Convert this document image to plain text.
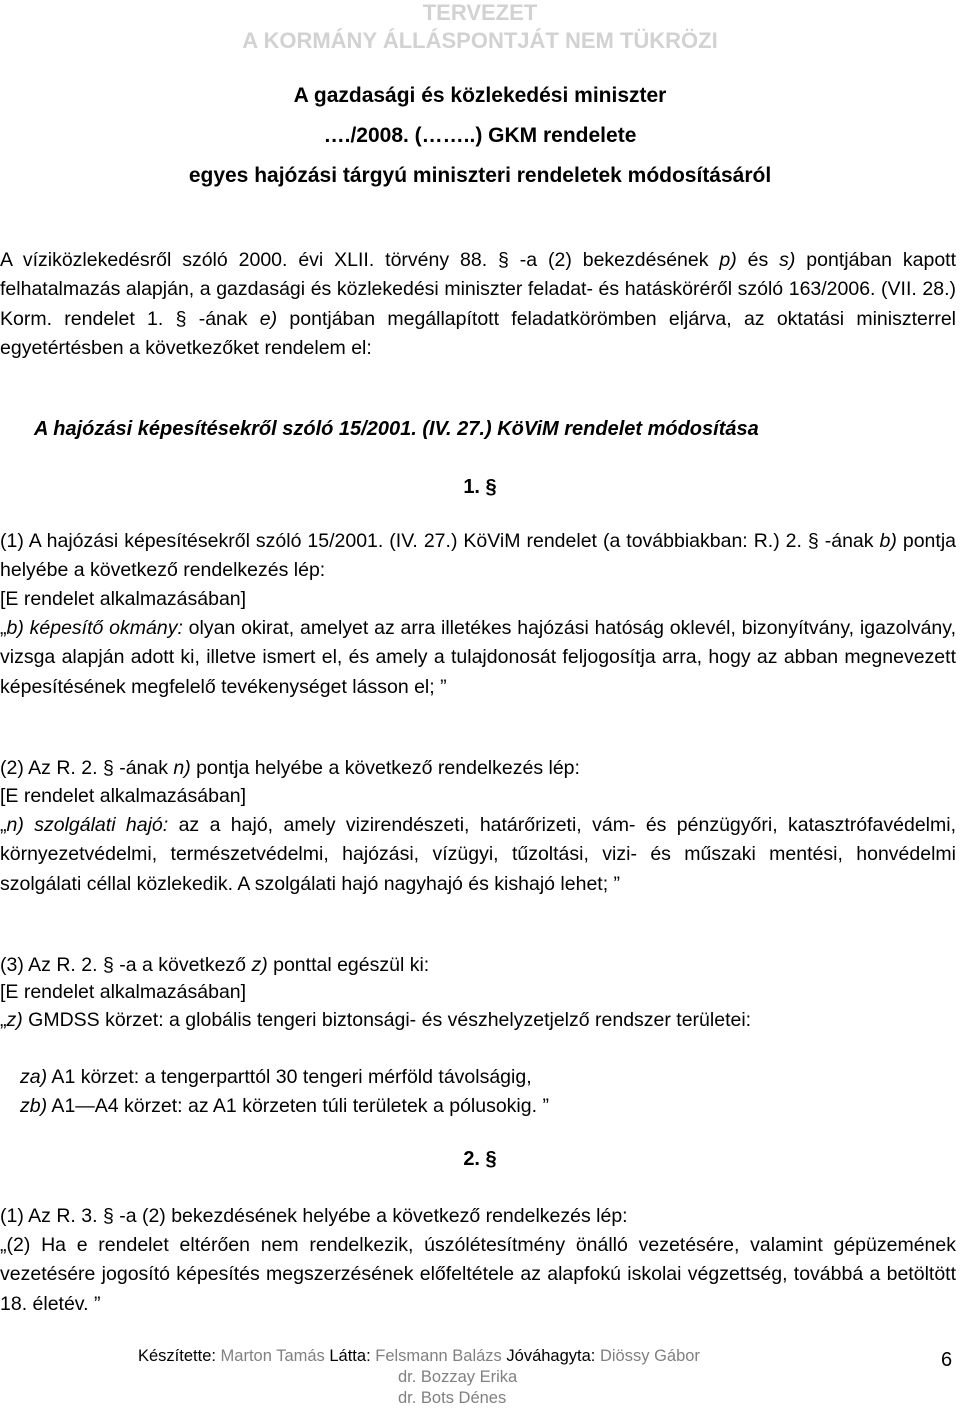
TERVEZET
A KORMÁNY ÁLLÁSPONTJÁT NEM TÜKRÖZI
A gazdasági és közlekedési miniszter
…./2008. (……..) GKM rendelete
egyes hajózási tárgyú miniszteri rendeletek módosításáról
A víziközlekedésről szóló 2000. évi XLII. törvény 88. § -a (2) bekezdésének p) és s) pontjában kapott felhatalmazás alapján, a gazdasági és közlekedési miniszter feladat- és hatásköréről szóló 163/2006. (VII. 28.) Korm. rendelet 1. § -ának e) pontjában megállapított feladatkörömben eljárva, az oktatási miniszterrel egyetértésben a következőket rendelem el:
A hajózási képesítésekről szóló 15/2001. (IV. 27.) KöViM rendelet módosítása
1. §
(1) A hajózási képesítésekről szóló 15/2001. (IV. 27.) KöViM rendelet (a továbbiakban: R.) 2. § -ának b) pontja helyébe a következő rendelkezés lép:
[E rendelet alkalmazásában]
„b) képesítő okmány: olyan okirat, amelyet az arra illetékes hajózási hatóság oklevél, bizonyítvány, igazolvány, vizsga alapján adott ki, illetve ismert el, és amely a tulajdonosát feljogosítja arra, hogy az abban megnevezett képesítésének megfelelő tevékenységet lásson el; ”
(2) Az R. 2. § -ának n) pontja helyébe a következő rendelkezés lép:
[E rendelet alkalmazásában]
„n) szolgálati hajó: az a hajó, amely vizirendészeti, határőrizeti, vám- és pénzügyőri, katasztrófavédelmi, környezetvédelmi, természetvédelmi, hajózási, vízügyi, tűzoltási, vizi- és műszaki mentési, honvédelmi szolgálati céllal közlekedik. A szolgálati hajó nagyhajó és kishajó lehet; ”
(3) Az R. 2. § -a a következő z) ponttal egészül ki:
[E rendelet alkalmazásában]
„z) GMDSS körzet: a globális tengeri biztonsági- és vészhelyzetjelző rendszer területei:
za) A1 körzet: a tengerparttól 30 tengeri mérföld távolságig,
zb) A1—A4 körzet: az A1 körzeten túli területek a pólusokig. ”
2. §
(1) Az R. 3. § -a (2) bekezdésének helyébe a következő rendelkezés lép:
„(2) Ha e rendelet eltérően nem rendelkezik, úszólétesítmény önálló vezetésére, valamint gépüzemének vezetésére jogosító képesítés megszerzésének előfeltétele az alapfokú iskolai végzettség, továbbá a betöltött 18. életév. ”
Készítette: Marton Tamás Látta: Felsmann Balázs Jóváhagyta: Diössy Gábor
dr. Bozzay Erika
dr. Bots Dénes
6
